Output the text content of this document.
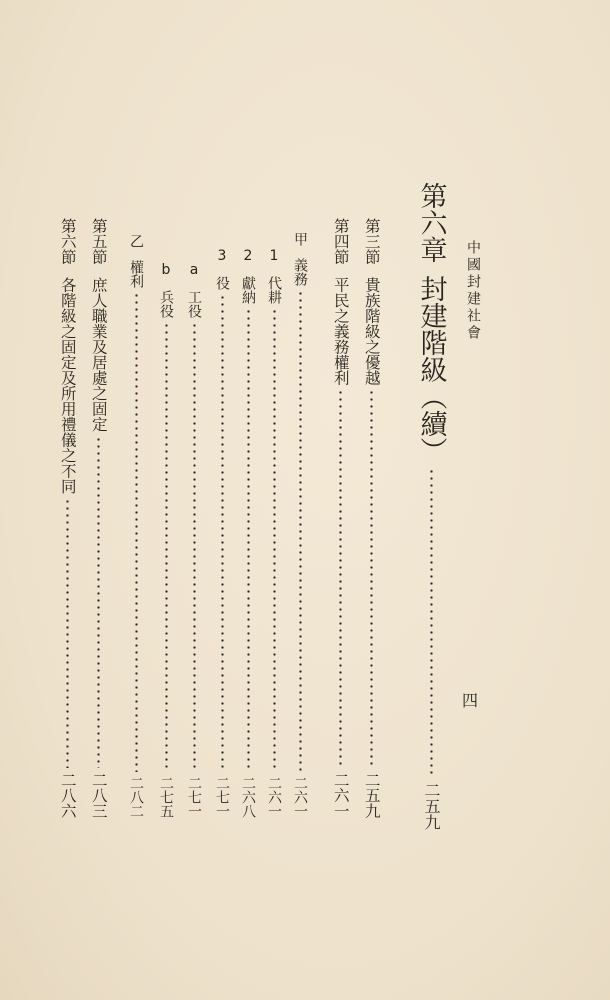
中國封建社會
四
第六章
封建階級（續）
二五九
第三節
貴族階級之優越
二五九
第四節
平民之義務權利
二六一
甲
義務
二六一
1
代耕
二六一
2
獻納
二六八
3
役
二七一
a
工役
二七一
b
兵役
二七五
乙
權利
二八二
第五節
庶人職業及居處之固定
二八三
第六節
各階級之固定及所用禮儀之不同
二八六
